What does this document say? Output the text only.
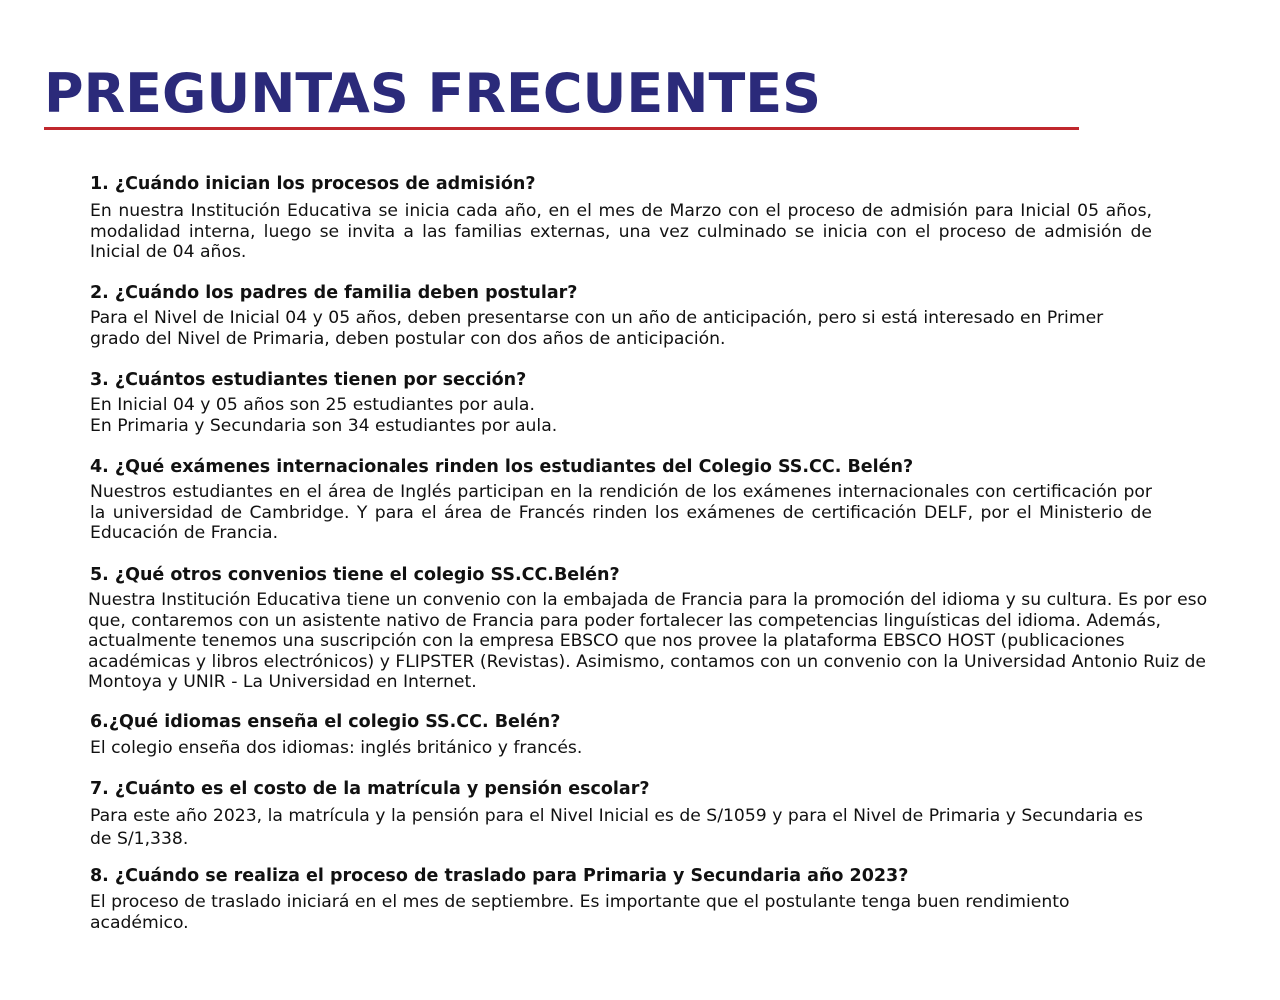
PREGUNTAS FRECUENTES
1. ¿Cuándo inician los procesos de admisión?

En nuestra Institución Educativa se inicia cada año, en el mes de Marzo con el proceso de admisión para Inicial 05 años, modalidad interna, luego se invita a las familias externas, una vez culminado se inicia con el proceso de admisión de Inicial de 04 años.

2. ¿Cuándo los padres de familia deben postular?

Para el Nivel de Inicial 04 y 05 años, deben presentarse con un año de anticipación, pero si está interesado en Primer grado del Nivel de Primaria, deben postular con dos años de anticipación.

3. ¿Cuántos estudiantes tienen por sección?

En Inicial 04 y 05 años son 25 estudiantes por aula.
En Primaria y Secundaria son 34 estudiantes por aula.

4. ¿Qué exámenes internacionales rinden los estudiantes del Colegio SS.CC. Belén?

Nuestros estudiantes en el área de Inglés participan en la rendición de los exámenes internacionales con certificación por la universidad de Cambridge. Y para el área de Francés rinden los exámenes de certificación DELF, por el Ministerio de Educación de Francia.

5. ¿Qué otros convenios tiene el colegio SS.CC.Belén?

Nuestra Institución Educativa tiene un convenio con la embajada de Francia para la promoción del idioma y su cultura. Es por eso que, contaremos con un asistente nativo de Francia para poder fortalecer las competencias linguísticas del idioma. Además, actualmente tenemos una suscripción con la empresa EBSCO que nos provee la plataforma EBSCO HOST (publicaciones académicas y libros electrónicos) y FLIPSTER (Revistas). Asimismo, contamos con un convenio con la Universidad Antonio Ruiz de Montoya y UNIR - La Universidad en Internet.

6.¿Qué idiomas enseña el colegio SS.CC. Belén?

El colegio enseña dos idiomas: inglés británico y francés.

7. ¿Cuánto es el costo de la matrícula y pensión escolar?

Para este año 2023, la matrícula y la pensión para el Nivel Inicial es de S/1059 y para el Nivel de Primaria y Secundaria es de S/1,338.

8. ¿Cuándo se realiza el proceso de traslado para Primaria y Secundaria año 2023?

El proceso de traslado iniciará en el mes de septiembre. Es importante que el postulante tenga buen rendimiento académico.
